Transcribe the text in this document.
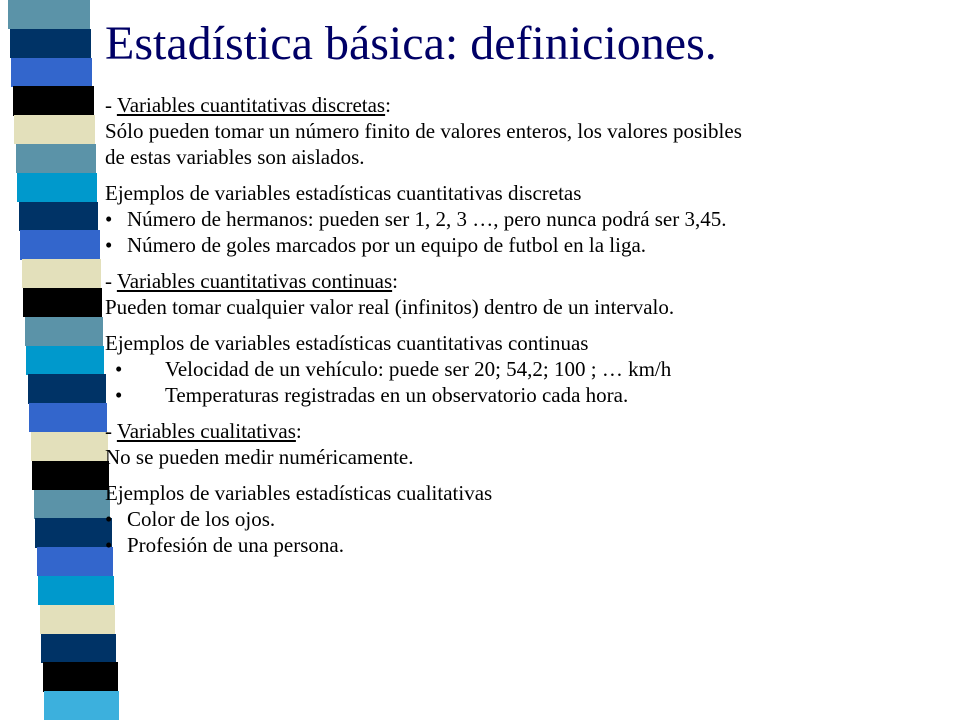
Estadística básica: definiciones.
- Variables cuantitativas discretas:
Sólo pueden tomar un número finito de valores enteros, los valores posibles
de estas variables son aislados.
Ejemplos de variables estadísticas cuantitativas discretas
• Número de hermanos: pueden ser 1, 2, 3 …, pero nunca podrá ser 3,45.
• Número de goles marcados por un equipo de futbol en la liga.
- Variables cuantitativas continuas:
Pueden tomar cualquier valor real (infinitos) dentro de un intervalo.
Ejemplos de variables estadísticas cuantitativas continuas
• Velocidad de un vehículo: puede ser 20; 54,2; 100 ; … km/h
• Temperaturas registradas en un observatorio cada hora.
- Variables cualitativas:
No se pueden medir numéricamente.
Ejemplos de variables estadísticas cualitativas
• Color de los ojos.
• Profesión de una persona.
